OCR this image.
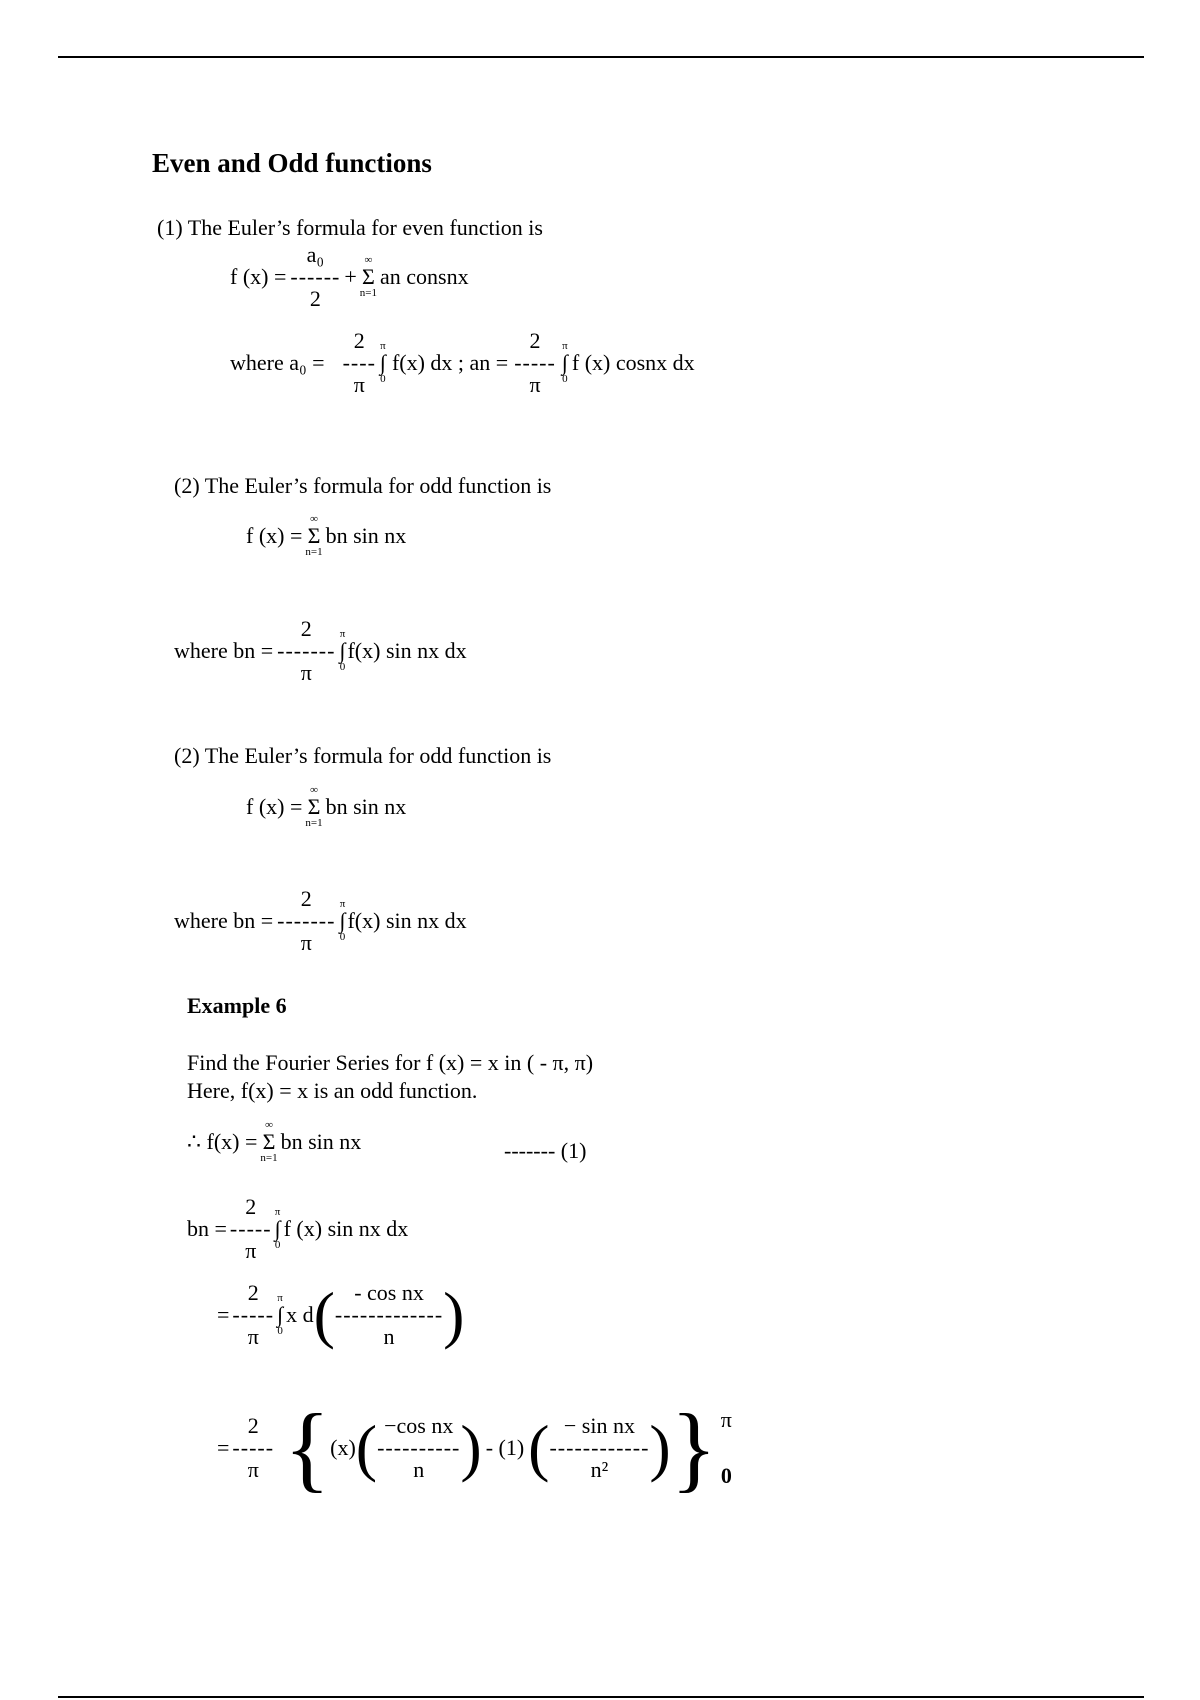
Even and Odd functions
(1) The Euler’s formula for even function is
f (x) =
a₀
------
2
+
∞
Σ
n=1
an consnx
where a₀ =
2
----
π
π
∫
0
f(x) dx ; an =
2
-----
π
π
∫
0
f (x) cosnx dx
(2) The Euler’s formula for odd function is
f (x) =
∞
Σ
n=1
bn sin nx
where bn =
2
-------
π
π
∫
0
f(x) sin nx dx
(2) The Euler’s formula for odd function is
f (x) =
∞
Σ
n=1
bn sin nx
where bn =
2
-------
π
π
∫
0
f(x) sin nx dx
Example 6
Find the Fourier Series for f (x) = x in ( - π, π)
Here, f(x) = x is an odd function.
∴ f(x) =
∞
Σ
n=1
bn sin nx	------- (1)
bn =
2
-----
π
π
∫
0
f (x) sin nx dx
=
2
-----
π
π
∫
0
x d ( - cos nx
-------------
n )
=
2
-----
π { (x) ( −cos nx
----------
n ) - (1) ( − sin nx
------------
n² ) } π
0
